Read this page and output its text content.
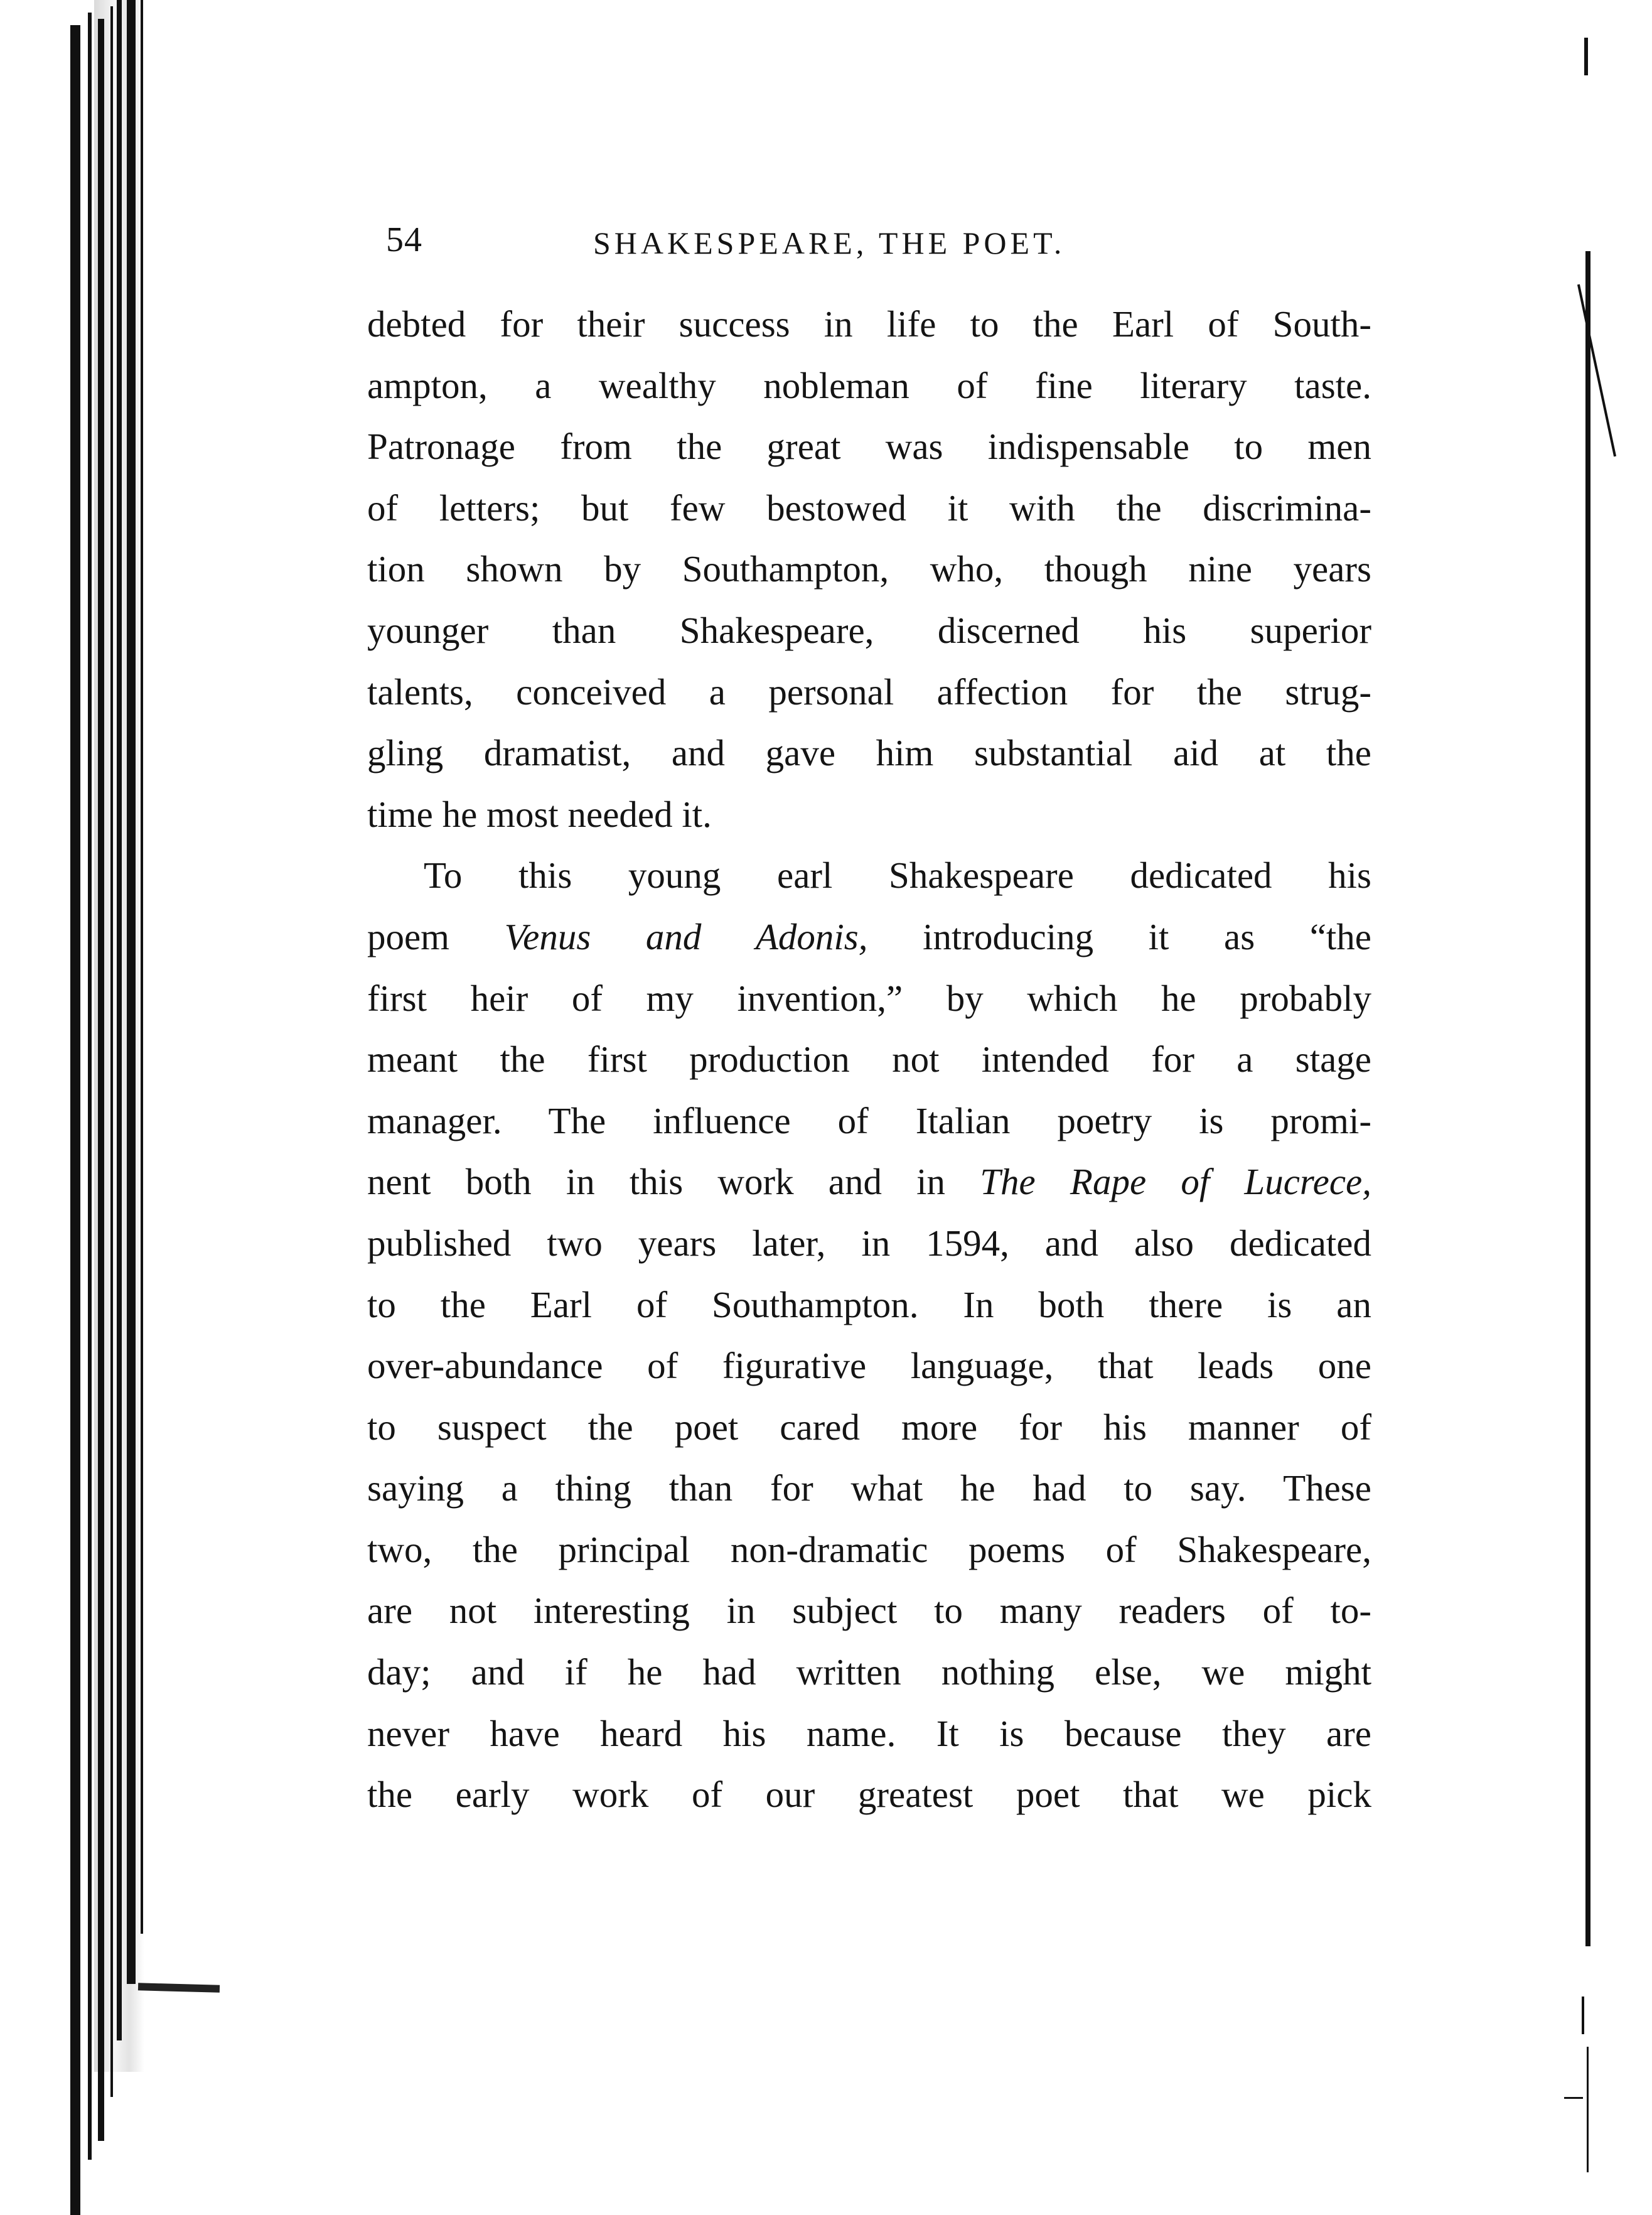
54	SHAKESPEARE, THE POET.
debted for their success in life to the Earl of South-
ampton, a wealthy nobleman of fine literary taste.
Patronage from the great was indispensable to men
of letters; but few bestowed it with the discrimina-
tion shown by Southampton, who, though nine years
younger than Shakespeare, discerned his superior
talents, conceived a personal affection for the strug-
gling dramatist, and gave him substantial aid at the
time he most needed it.
To this young earl Shakespeare dedicated his
poem Venus and Adonis, introducing it as “the
first heir of my invention,” by which he probably
meant the first production not intended for a stage
manager. The influence of Italian poetry is promi-
nent both in this work and in The Rape of Lucrece,
published two years later, in 1594, and also dedicated
to the Earl of Southampton. In both there is an
over-abundance of figurative language, that leads one
to suspect the poet cared more for his manner of
saying a thing than for what he had to say. These
two, the principal non-dramatic poems of Shakespeare,
are not interesting in subject to many readers of to-
day; and if he had written nothing else, we might
never have heard his name. It is because they are
the early work of our greatest poet that we pick
